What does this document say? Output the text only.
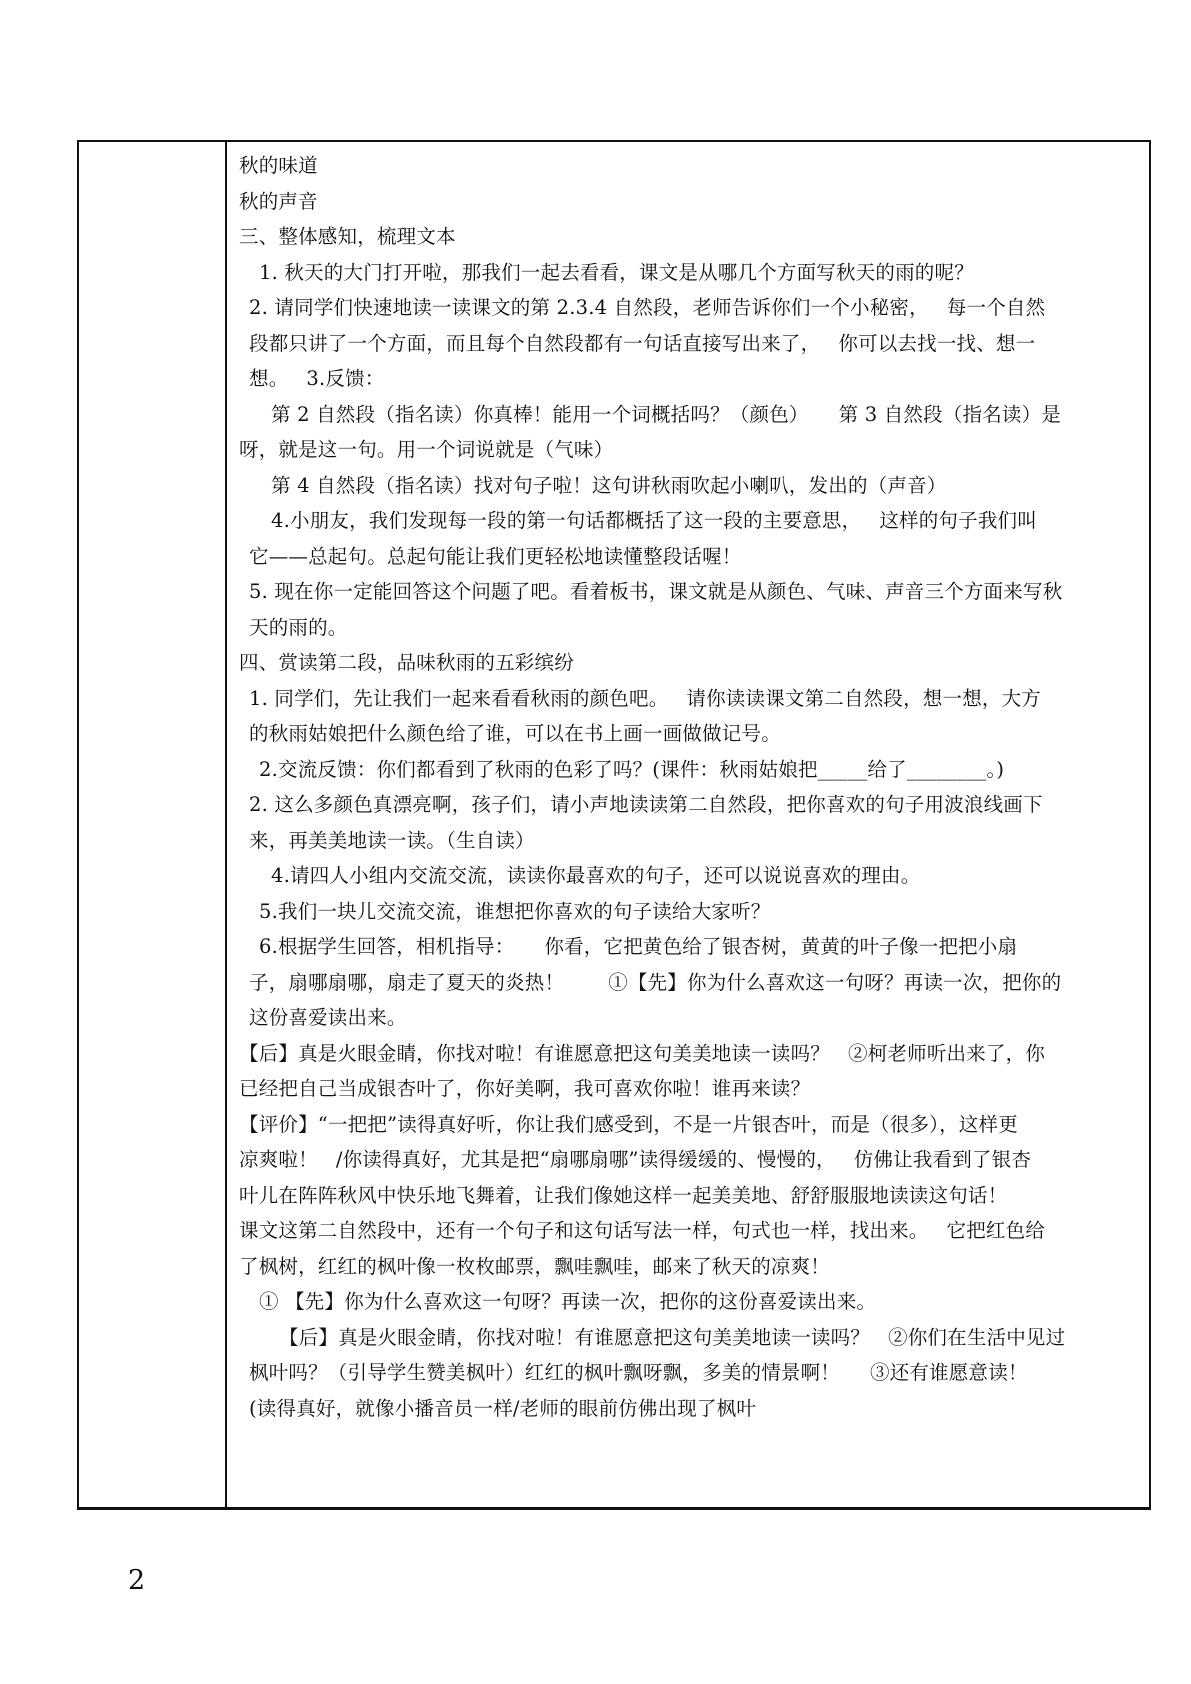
秋的味道
秋的声音
三、整体感知，梳理文本
1. 秋天的大门打开啦，那我们一起去看看，课文是从哪几个方面写秋天的雨的呢？
2. 请同学们快速地读一读课文的第 2.3.4 自然段，老师告诉你们一个小秘密， 每一个自然
段都只讲了一个方面，而且每个自然段都有一句话直接写出来了， 你可以去找一找、想一
想。 3.反馈：
第 2 自然段（指名读）你真棒！能用一个词概括吗？（颜色） 第 3 自然段（指名读）是
呀，就是这一句。用一个词说就是（气味）
第 4 自然段（指名读）找对句子啦！这句讲秋雨吹起小喇叭，发出的（声音）
4.小朋友，我们发现每一段的第一句话都概括了这一段的主要意思， 这样的句子我们叫
它——总起句。总起句能让我们更轻松地读懂整段话喔！
5. 现在你一定能回答这个问题了吧。看着板书，课文就是从颜色、气味、声音三个方面来写秋
天的雨的。
四、赏读第二段，品味秋雨的五彩缤纷
1. 同学们，先让我们一起来看看秋雨的颜色吧。 请你读读课文第二自然段，想一想，大方
的秋雨姑娘把什么颜色给了谁，可以在书上画一画做做记号。
2.交流反馈：你们都看到了秋雨的色彩了吗？(课件：秋雨姑娘把_____给了________。)
2. 这么多颜色真漂亮啊，孩子们，请小声地读读第二自然段，把你喜欢的句子用波浪线画下
来，再美美地读一读。（生自读）
4.请四人小组内交流交流，读读你最喜欢的句子，还可以说说喜欢的理由。
5.我们一块儿交流交流，谁想把你喜欢的句子读给大家听？
6.根据学生回答，相机指导： 你看，它把黄色给了银杏树，黄黄的叶子像一把把小扇
子，扇哪扇哪，扇走了夏天的炎热！ ①【先】你为什么喜欢这一句呀？再读一次，把你的
这份喜爱读出来。
【后】真是火眼金睛，你找对啦！有谁愿意把这句美美地读一读吗？ ②柯老师听出来了，你
已经把自己当成银杏叶了，你好美啊，我可喜欢你啦！谁再来读？
【评价】“一把把”读得真好听，你让我们感受到，不是一片银杏叶，而是（很多），这样更
凉爽啦！ /你读得真好，尤其是把“扇哪扇哪”读得缓缓的、慢慢的， 仿佛让我看到了银杏
叶儿在阵阵秋风中快乐地飞舞着，让我们像她这样一起美美地、舒舒服服地读读这句话！
课文这第二自然段中，还有一个句子和这句话写法一样，句式也一样，找出来。 它把红色给
了枫树，红红的枫叶像一枚枚邮票，飘哇飘哇，邮来了秋天的凉爽！
① 【先】你为什么喜欢这一句呀？再读一次，把你的这份喜爱读出来。
【后】真是火眼金睛，你找对啦！有谁愿意把这句美美地读一读吗？ ②你们在生活中见过
枫叶吗？（引导学生赞美枫叶）红红的枫叶飘呀飘，多美的情景啊！ ③还有谁愿意读！
(读得真好，就像小播音员一样/老师的眼前仿佛出现了枫叶
2
